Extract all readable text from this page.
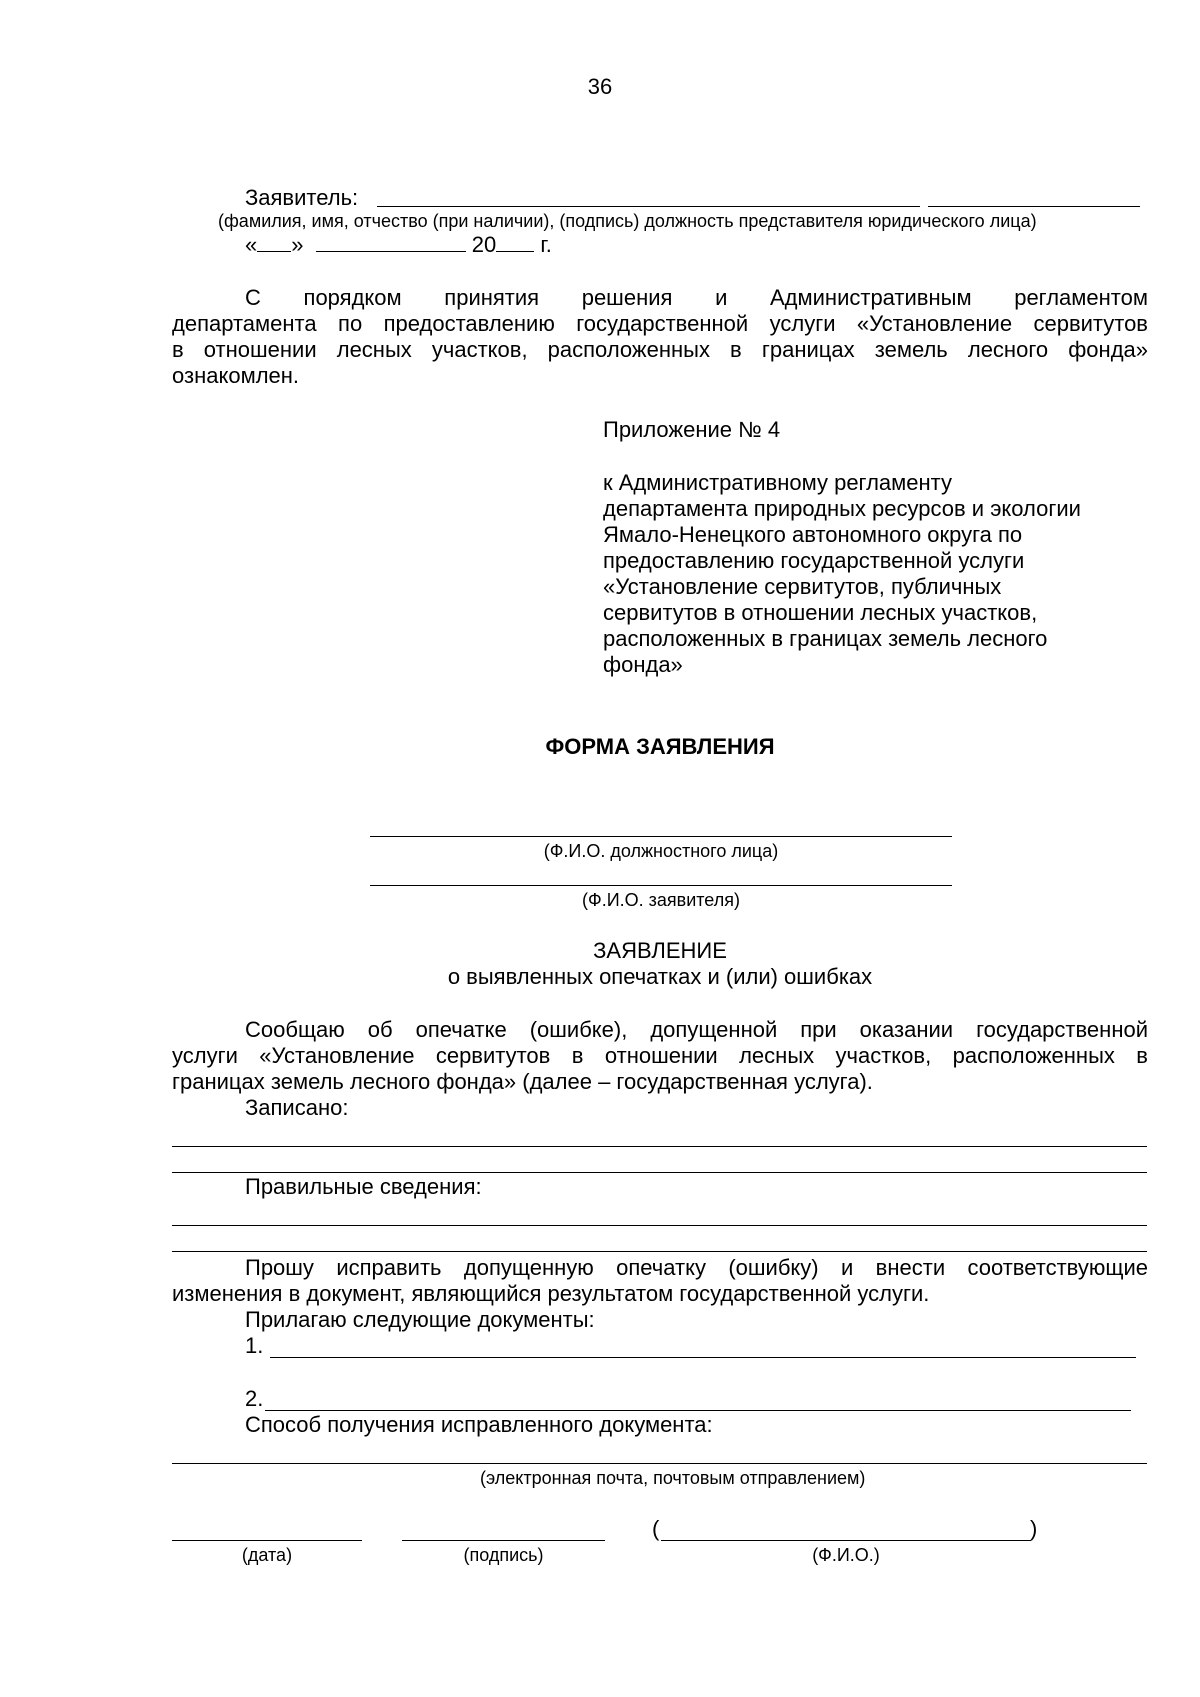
36
Заявитель:
(фамилия, имя, отчество (при наличии), (подпись) должность представителя юридического лица)
« »	20 г.
С порядком принятия решения и Административным регламентом
департамента по предоставлению государственной услуги «Установление сервитутов
в отношении лесных участков, расположенных в границах земель лесного фонда»
ознакомлен.
Приложение № 4
к Административному регламенту
департамента природных ресурсов и экологии
Ямало-Ненецкого автономного округа по
предоставлению государственной услуги
«Установление сервитутов, публичных
сервитутов в отношении лесных участков,
расположенных в границах земель лесного
фонда»
ФОРМА ЗАЯВЛЕНИЯ
(Ф.И.О. должностного лица)
(Ф.И.О. заявителя)
ЗАЯВЛЕНИЕ
о выявленных опечатках и (или) ошибках
Сообщаю об опечатке (ошибке), допущенной при оказании государственной
услуги «Установление сервитутов в отношении лесных участков, расположенных в
границах земель лесного фонда» (далее – государственная услуга).
Записано:
Правильные сведения:
Прошу исправить допущенную опечатку (ошибку) и внести соответствующие
изменения в документ, являющийся результатом государственной услуги.
Прилагаю следующие документы:
1.
2.
Способ получения исправленного документа:
(электронная почта, почтовым отправлением)
(дата)	(подпись)
(	)
(Ф.И.О.)
